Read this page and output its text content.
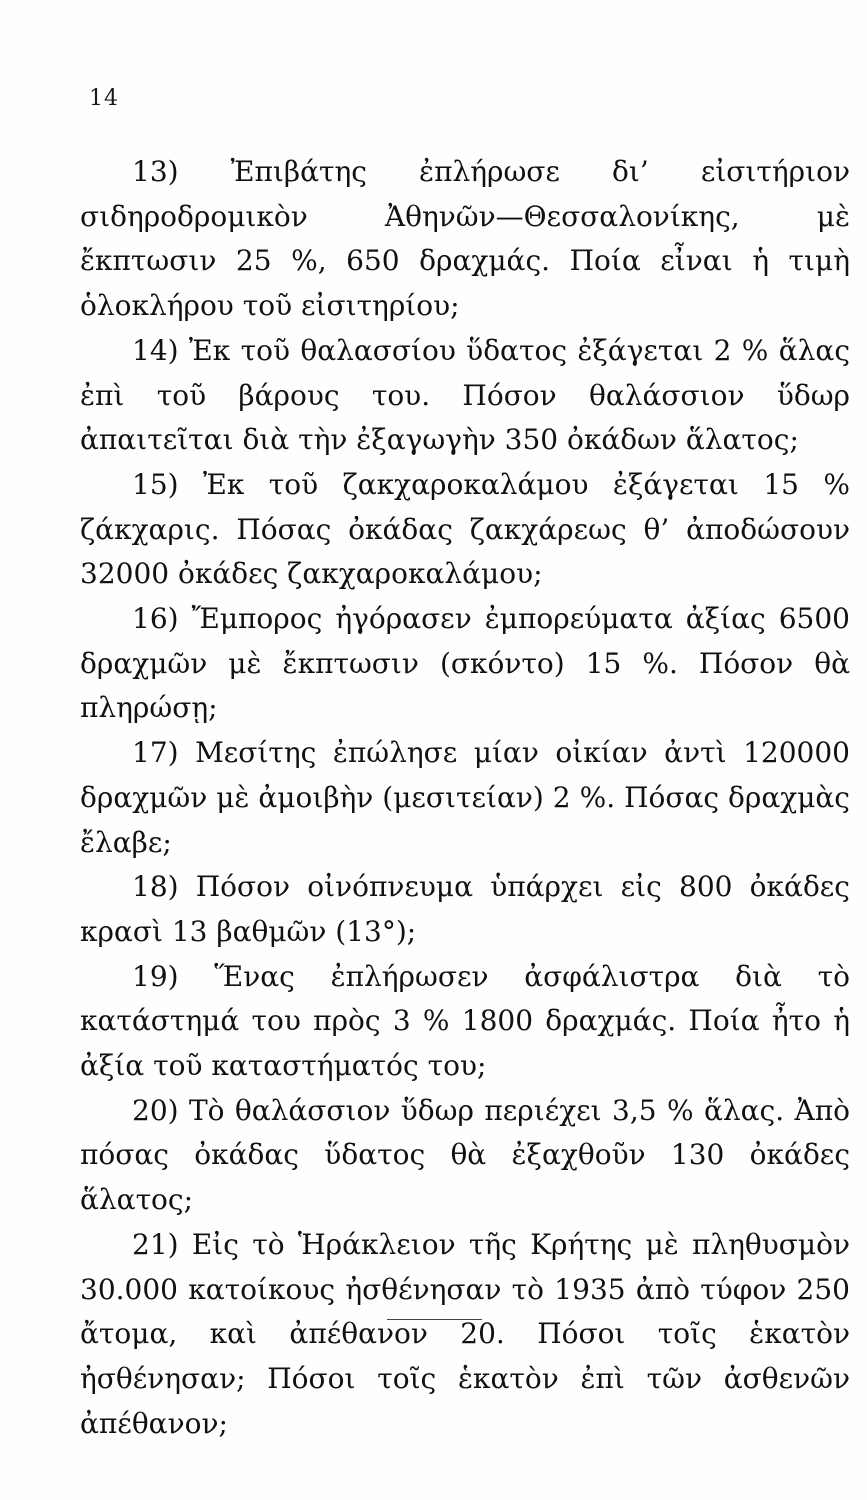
14

13) Ἐπιβάτης ἐπλήρωσε δι’ εἰσιτήριον σιδηροδρομικὸν Ἀθηνῶν—Θεσσαλονίκης, μὲ ἔκπτωσιν 25 %, 650 δραχμάς. Ποία εἶναι ἡ τιμὴ ὁλοκλήρου τοῦ εἰσιτηρίου;

14) Ἐκ τοῦ θαλασσίου ὕδατος ἐξάγεται 2 % ἅλας ἐπὶ τοῦ βάρους του. Πόσον θαλάσσιον ὕδωρ ἀπαιτεῖται διὰ τὴν ἐξαγωγὴν 350 ὀκάδων ἅλατος;

15) Ἐκ τοῦ ζακχαροκαλάμου ἐξάγεται 15 % ζάκχαρις. Πόσας ὀκάδας ζακχάρεως θ’ ἀποδώσουν 32000 ὀκάδες ζακχαροκαλάμου;

16) Ἔμπορος ἠγόρασεν ἐμπορεύματα ἀξίας 6500 δραχμῶν μὲ ἔκπτωσιν (σκόντο) 15 %. Πόσον θὰ πληρώσῃ;

17) Μεσίτης ἐπώλησε μίαν οἰκίαν ἀντὶ 120000 δραχμῶν μὲ ἀμοιβὴν (μεσιτείαν) 2 %. Πόσας δραχμὰς ἔλαβε;

18) Πόσον οἰνόπνευμα ὑπάρχει εἰς 800 ὀκάδες κρασὶ 13 βαθμῶν (13°);

19) Ἕνας ἐπλήρωσεν ἀσφάλιστρα διὰ τὸ κατάστημά του πρὸς 3 % 1800 δραχμάς. Ποία ἦτο ἡ ἀξία τοῦ καταστήματός του;

20) Τὸ θαλάσσιον ὕδωρ περιέχει 3,5 % ἅλας. Ἀπὸ πόσας ὀκάδας ὕδατος θὰ ἐξαχθοῦν 130 ὀκάδες ἅλατος;

21) Εἰς τὸ Ἡράκλειον τῆς Κρήτης μὲ πληθυσμὸν 30.000 κατοίκους ἠσθένησαν τὸ 1935 ἀπὸ τύφον 250 ἄτομα, καὶ ἀπέθανον 20. Πόσοι τοῖς ἑκατὸν ἠσθένησαν; Πόσοι τοῖς ἑκατὸν ἐπὶ τῶν ἀσθενῶν ἀπέθανον;
